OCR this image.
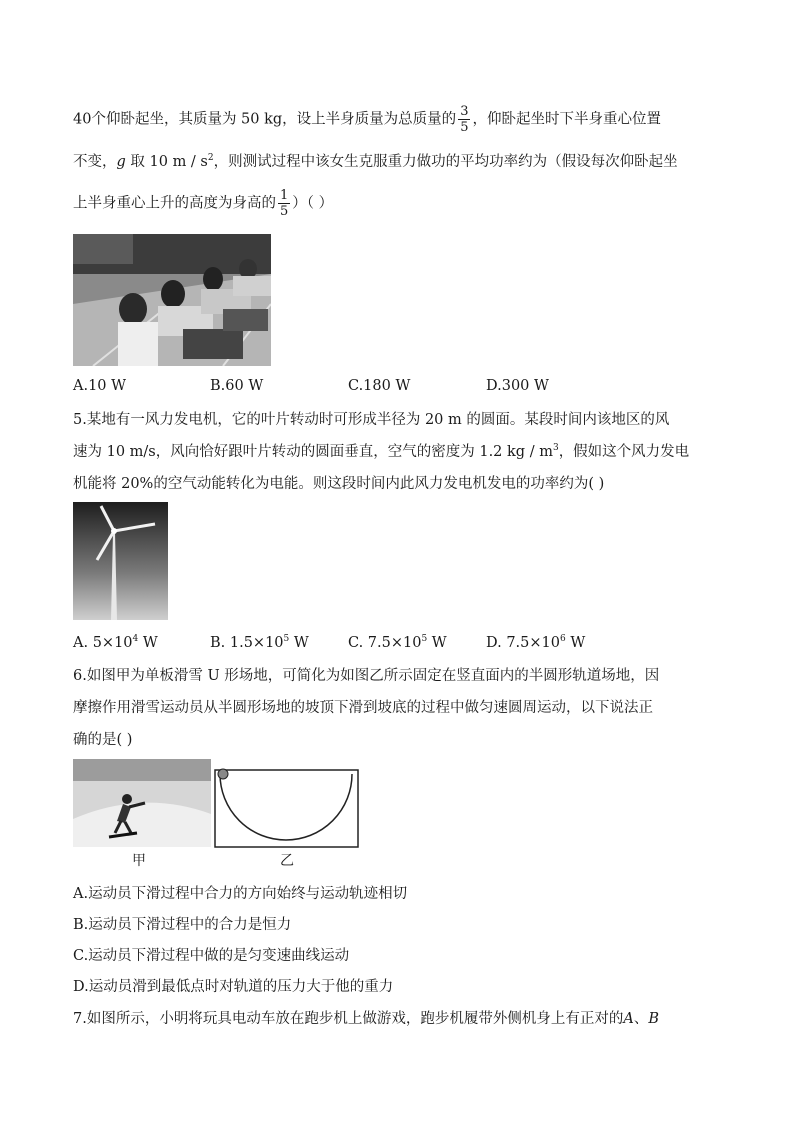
40个仰卧起坐，其质量为 50 kg，设上半身质量为总质量的 $\frac{3}{5}$ ，仰卧起坐时下半身重心位置
不变，g 取 10 m / $s^2$，则测试过程中该女生克服重力做功的平均功率约为（假设每次仰卧起坐
上半身重心上升的高度为身高的 $\frac{1}{5}$ ）（ ）
A.10 W	B.60 W	C.180 W	D.300 W
5.某地有一风力发电机，它的叶片转动时可形成半径为 20 m 的圆面。某段时间内该地区的风
速为 10 m/s，风向恰好跟叶片转动的圆面垂直，空气的密度为 1.2 kg / $m^3$，假如这个风力发电
机能将 20%的空气动能转化为电能。则这段时间内此风力发电机发电的功率约为( )
A. $5\times 10^4$ W	B. $1.5\times 10^5$ W	C. $7.5\times 10^5$ W	D. $7.5\times 10^6$ W
6.如图甲为单板滑雪 U 形场地，可简化为如图乙所示固定在竖直面内的半圆形轨道场地，因
摩擦作用滑雪运动员从半圆形场地的坡顶下滑到坡底的过程中做匀速圆周运动，以下说法正
确的是( )
甲	乙
A.运动员下滑过程中合力的方向始终与运动轨迹相切
B.运动员下滑过程中的合力是恒力
C.运动员下滑过程中做的是匀变速曲线运动
D.运动员滑到最低点时对轨道的压力大于他的重力
7.如图所示，小明将玩具电动车放在跑步机上做游戏，跑步机履带外侧机身上有正对的A、B
